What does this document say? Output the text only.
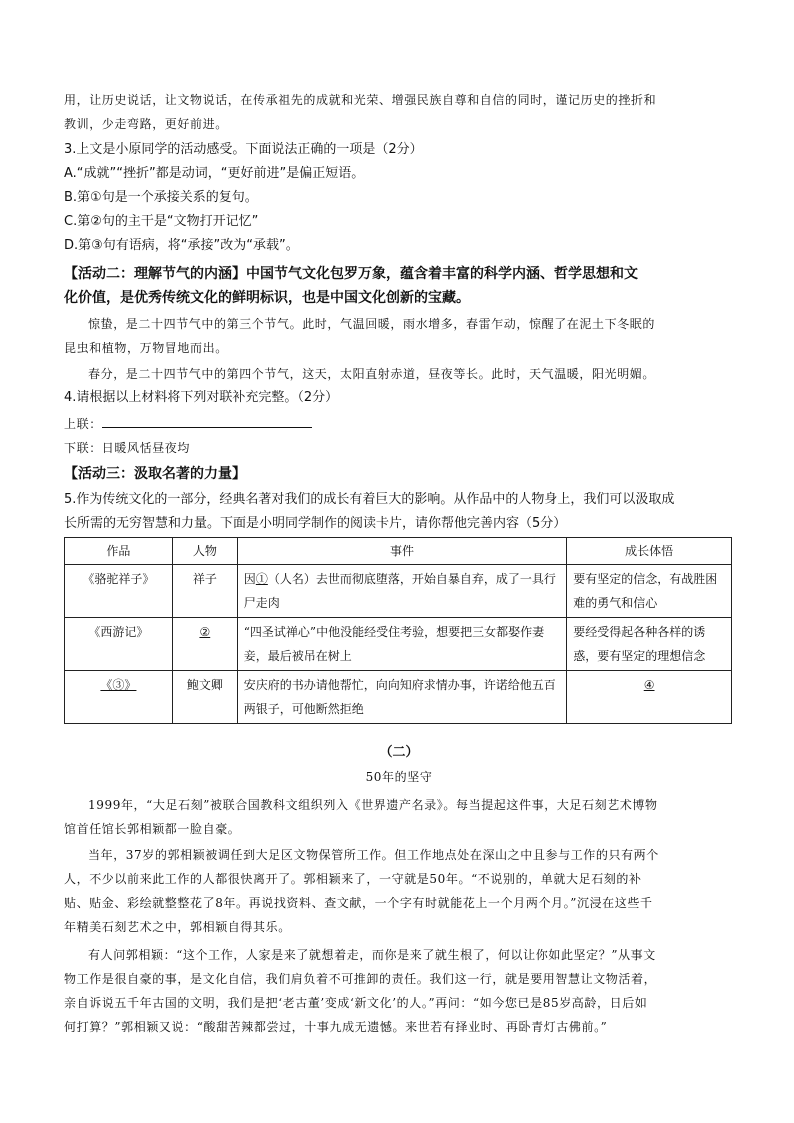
用，让历史说话，让文物说话，在传承祖先的成就和光荣、增强民族自尊和自信的同时，谨记历史的挫折和
教训，少走弯路，更好前进。
3.上文是小原同学的活动感受。下面说法正确的一项是（2分）
A.“成就”“挫折”都是动词，“更好前进”是偏正短语。
B.第①句是一个承接关系的复句。
C.第②句的主干是“文物打开记忆”
D.第③句有语病，将“承接”改为“承载”。
【活动二：理解节气的内涵】中国节气文化包罗万象，蕴含着丰富的科学内涵、哲学思想和文
化价值，是优秀传统文化的鲜明标识，也是中国文化创新的宝藏。
惊蛰，是二十四节气中的第三个节气。此时，气温回暖，雨水增多，春雷乍动，惊醒了在泥土下冬眠的
昆虫和植物，万物冒地而出。
春分，是二十四节气中的第四个节气，这天，太阳直射赤道，昼夜等长。此时，天气温暖，阳光明媚。
4.请根据以上材料将下列对联补充完整。（2分）
上联：
下联：日暖风恬昼夜均
【活动三：汲取名著的力量】
5.作为传统文化的一部分，经典名著对我们的成长有着巨大的影响。从作品中的人物身上，我们可以汲取成
长所需的无穷智慧和力量。下面是小明同学制作的阅读卡片，请你帮他完善内容（5分）
作品	人物	事件	成长体悟
《骆驼祥子》	祥子	因①（人名）去世而彻底堕落，开始自暴自弃，成了一具行尸走肉	要有坚定的信念，有战胜困难的勇气和信心
《西游记》	②	“四圣试禅心”中他没能经受住考验，想要把三女都娶作妻妾，最后被吊在树上	要经受得起各种各样的诱惑，要有坚定的理想信念
《③》	鲍文卿	安庆府的书办请他帮忙，向向知府求情办事，许诺给他五百两银子，可他断然拒绝	④
（二）
50年的坚守
1999年，“大足石刻”被联合国教科文组织列入《世界遗产名录》。每当提起这件事，大足石刻艺术博物
馆首任馆长郭相颖都一脸自豪。
当年，37岁的郭相颖被调任到大足区文物保管所工作。但工作地点处在深山之中且参与工作的只有两个
人，不少以前来此工作的人都很快离开了。郭相颖来了，一守就是50年。“不说别的，单就大足石刻的补
贴、贴金、彩绘就整整花了8年。再说找资料、查文献，一个字有时就能花上一个月两个月。”沉浸在这些千
年精美石刻艺术之中，郭相颖自得其乐。
有人问郭相颖：“这个工作，人家是来了就想着走，而你是来了就生根了，何以让你如此坚定？”从事文
物工作是很自豪的事，是文化自信，我们肩负着不可推卸的责任。我们这一行，就是要用智慧让文物活着，
亲自诉说五千年古国的文明，我们是把‘老古董’变成‘新文化’的人。”再问：“如今您已是85岁高龄，日后如
何打算？”郭相颖又说：“酸甜苦辣都尝过，十事九成无遗憾。来世若有择业时、再卧青灯古佛前。”
